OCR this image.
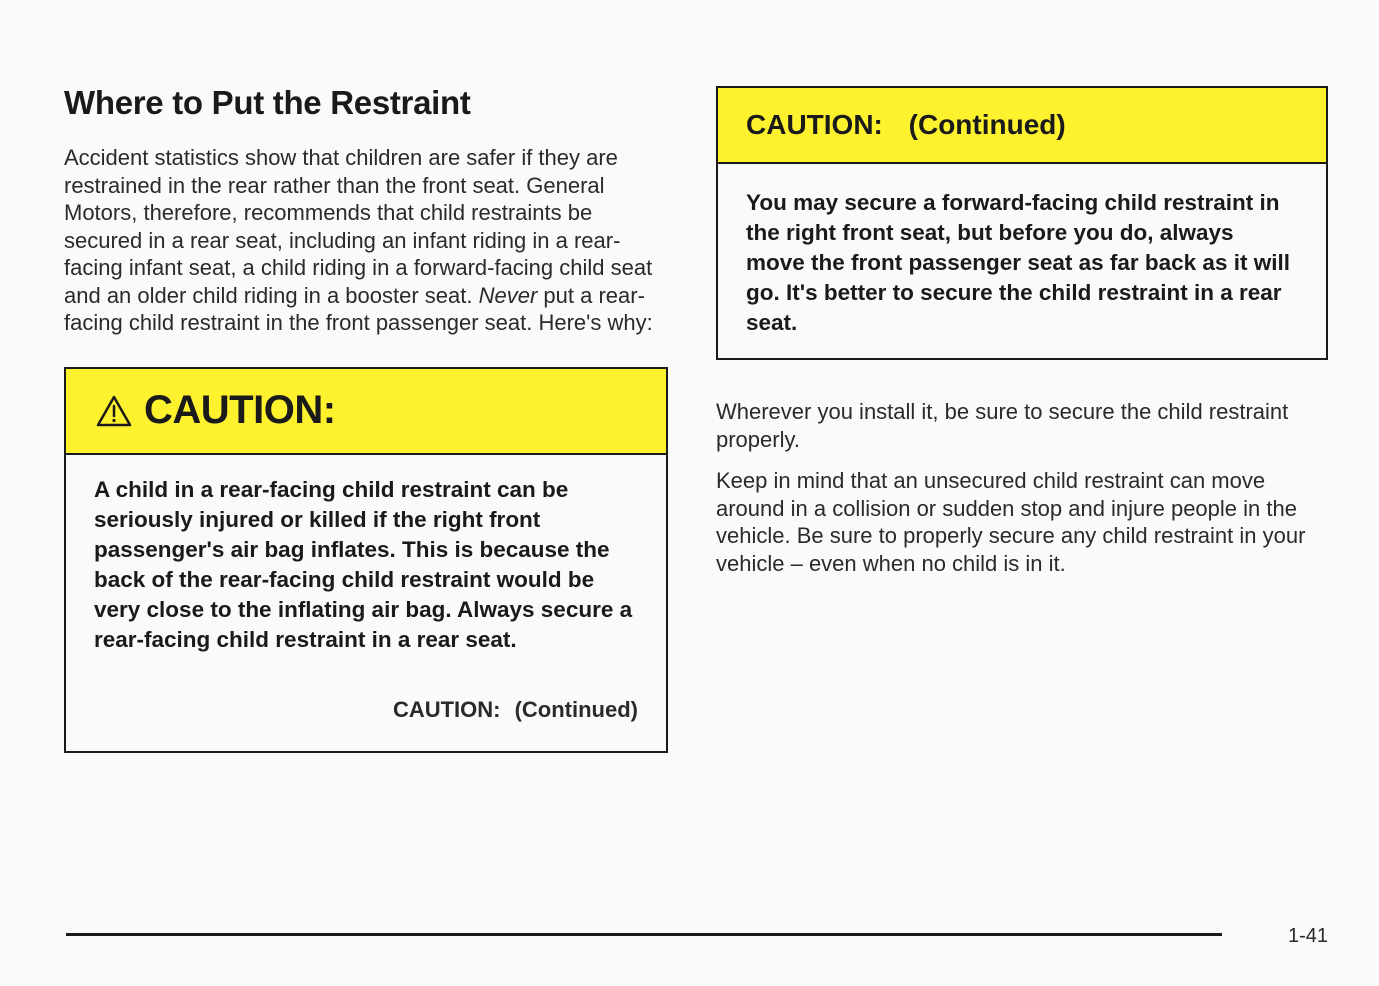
Where to Put the Restraint

Accident statistics show that children are safer if they are restrained in the rear rather than the front seat. General Motors, therefore, recommends that child restraints be secured in a rear seat, including an infant riding in a rear-facing infant seat, a child riding in a forward-facing child seat and an older child riding in a booster seat. Never put a rear-facing child restraint in the front passenger seat. Here's why:

CAUTION:

A child in a rear-facing child restraint can be seriously injured or killed if the right front passenger's air bag inflates. This is because the back of the rear-facing child restraint would be very close to the inflating air bag. Always secure a rear-facing child restraint in a rear seat.

CAUTION: (Continued)
CAUTION: (Continued)

You may secure a forward-facing child restraint in the right front seat, but before you do, always move the front passenger seat as far back as it will go. It's better to secure the child restraint in a rear seat.

Wherever you install it, be sure to secure the child restraint properly.

Keep in mind that an unsecured child restraint can move around in a collision or sudden stop and injure people in the vehicle. Be sure to properly secure any child restraint in your vehicle – even when no child is in it.

1-41
